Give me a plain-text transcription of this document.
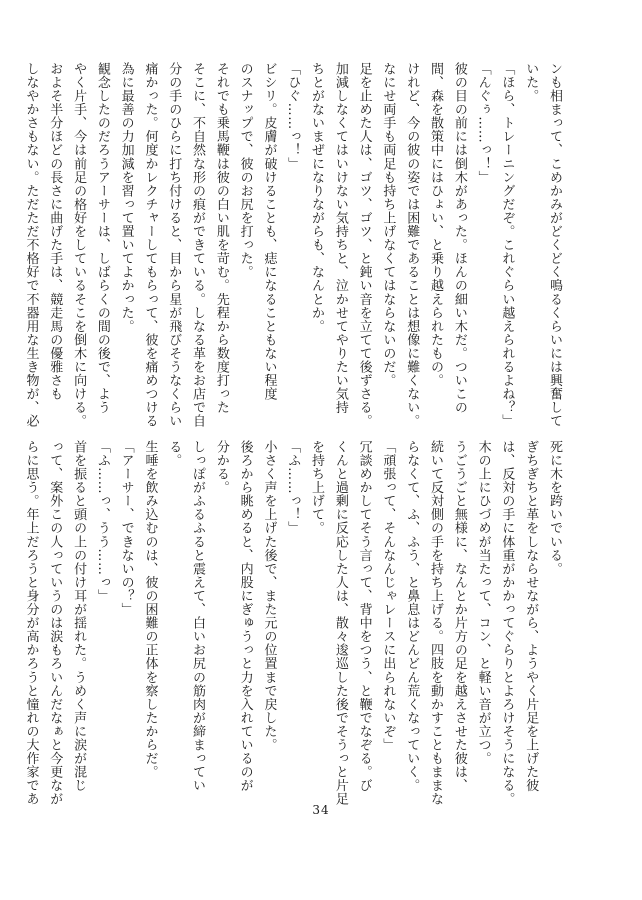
ンも相まって、こめかみがどくどく鳴るくらいには興奮して
いた。
「ほら、トレーニングだぞ。これぐらい越えられるよね？」
「んぐぅ……っ！」
彼の目の前には倒木があった。ほんの細い木だ。ついこの
間、森を散策中にはひょい、と乗り越えられたもの。
けれど、今の彼の姿では困難であることは想像に難くない。
なにせ両手も両足も持ち上げなくてはならないのだ。
足を止めた人は、ゴツ、ゴツ、と鈍い音を立てて後ずさる。
加減しなくてはいけない気持ちと、泣かせてやりたい気持
ちとがないまぜになりながらも、なんとか。
「ひぐ……っ！」
ビシリ。皮膚が破けることも、痣になることもない程度
のスナップで、彼のお尻を打った。
それでも乗馬鞭は彼の白い肌を苛む。先程から数度打った
そこに、不自然な形の痕ができている。しなる革をお店で自
分の手のひらに打ち付けると、目から星が飛びそうなくらい
痛かった。何度かレクチャーしてもらって、彼を痛めつける
為に最善の力加減を習って置いてよかった。
観念したのだろうアーサーは、しばらくの間の後で、よう
やく片手、今は前足の格好をしているそこを倒木に向ける。
およそ半分ほどの長さに曲げた手は、競走馬の優雅さも
しなやかさもない。ただただ不格好で不器用な生き物が、必
死に木を跨いでいる。
ぎちぎちと革をしならせながら、ようやく片足を上げた彼
は、反対の手に体重がかかってぐらりとよろけそうになる。
木の上にひづめが当たって、コン、と軽い音が立つ。
うごうごと無様に、なんとか片方の足を越えさせた彼は、
続いて反対側の手を持ち上げる。四肢を動かすこともままな
らなくて、ふ、ふう、と鼻息はどんどん荒くなっていく。
「頑張って、そんなんじゃレースに出られないぞ」
冗談めかしてそう言って、背中をつう、と鞭でなぞる。び
くんと過剰に反応した人は、散々逡巡した後でそうっと片足
を持ち上げて。
「ふ……っ！」
小さく声を上げた後で、また元の位置まで戻した。
後ろから眺めると、内股にぎゅうっと力を入れているのが
分かる。
しっぽがふるふると震えて、白いお尻の筋肉が締まってい
る。
生唾を飲み込むのは、彼の困難の正体を察したからだ。
「アーサー、できないの？」
「ふ……っ、うう……っ」
首を振ると頭の上の付け耳が揺れた。うめく声に涙が混じ
って、案外この人っていうのは涙もろいんだなぁと今更なが
らに思う。年上だろうと身分が高かろうと憧れの大作家であ
34
